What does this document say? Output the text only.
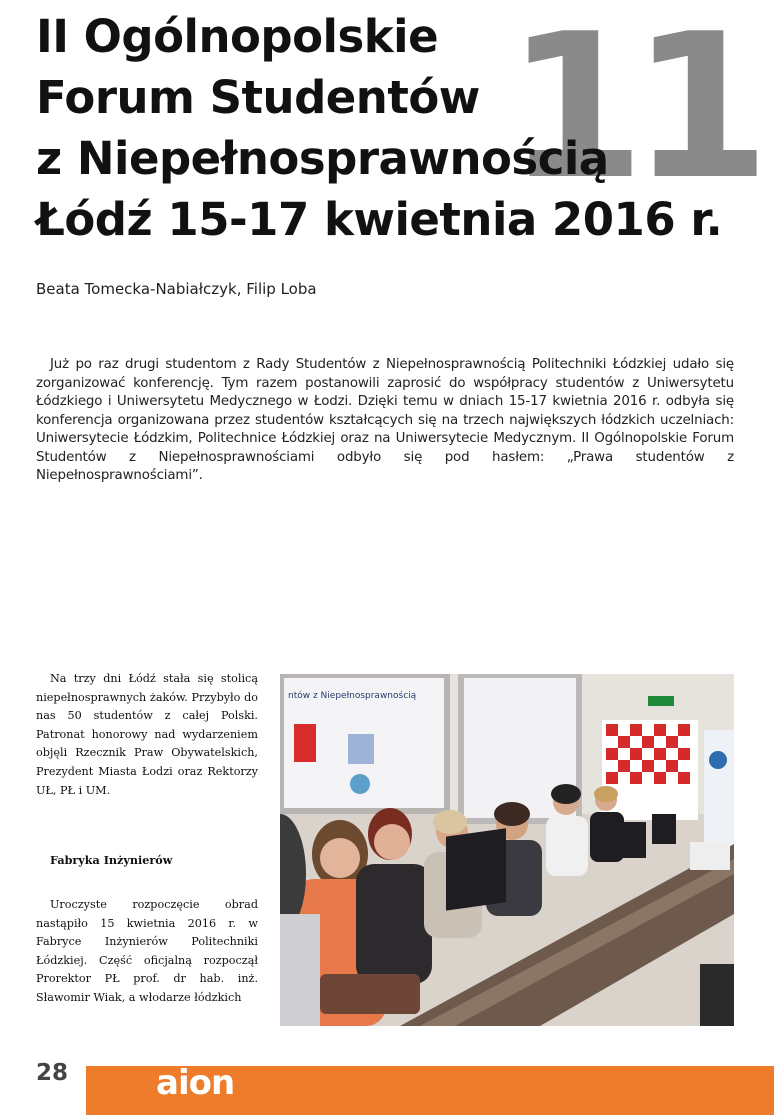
11
II Ogólnopolskie
Forum Studentów
z Niepełnosprawnością
Łódź 15-17 kwietnia 2016 r.
Beata Tomecka-Nabiałczyk, Filip Loba

Już po raz drugi studentom z Rady Studentów z Niepełnosprawnością Politechniki Łódzkiej udało się zorganizować konferencję. Tym razem postanowili zaprosić do współpracy studentów z Uniwersytetu Łódzkiego i Uniwersytetu Medycznego w Łodzi. Dzięki temu w dniach 15-17 kwietnia 2016 r. odbyła się konferencja organizowana przez studentów kształcących się na trzech największych łódzkich uczelniach: Uniwersytecie Łódzkim, Politechnice Łódzkiej oraz na Uniwersytecie Medycznym. II Ogólnopolskie Forum Studentów z Niepełnosprawnościami odbyło się pod hasłem: „Prawa studentów z Niepełnosprawnościami”.

Na trzy dni Łódź stała się stolicą niepełnosprawnych żaków. Przybyło do nas 50 studentów z całej Polski. Patronat honorowy nad wydarzeniem objęli Rzecznik Praw Obywatelskich, Prezydent Miasta Łodzi oraz Rektorzy UŁ, PŁ i UM.

Fabryka Inżynierów

Uroczyste rozpoczęcie obrad nastąpiło 15 kwietnia 2016 r. w Fabryce Inżynierów Politechniki Łódzkiej. Część oficjalną rozpoczął Prorektor PŁ prof. dr hab. inż. Sławomir Wiak, a włodarze łódzkich

ntów z Niepełnosprawnością
28	aion
